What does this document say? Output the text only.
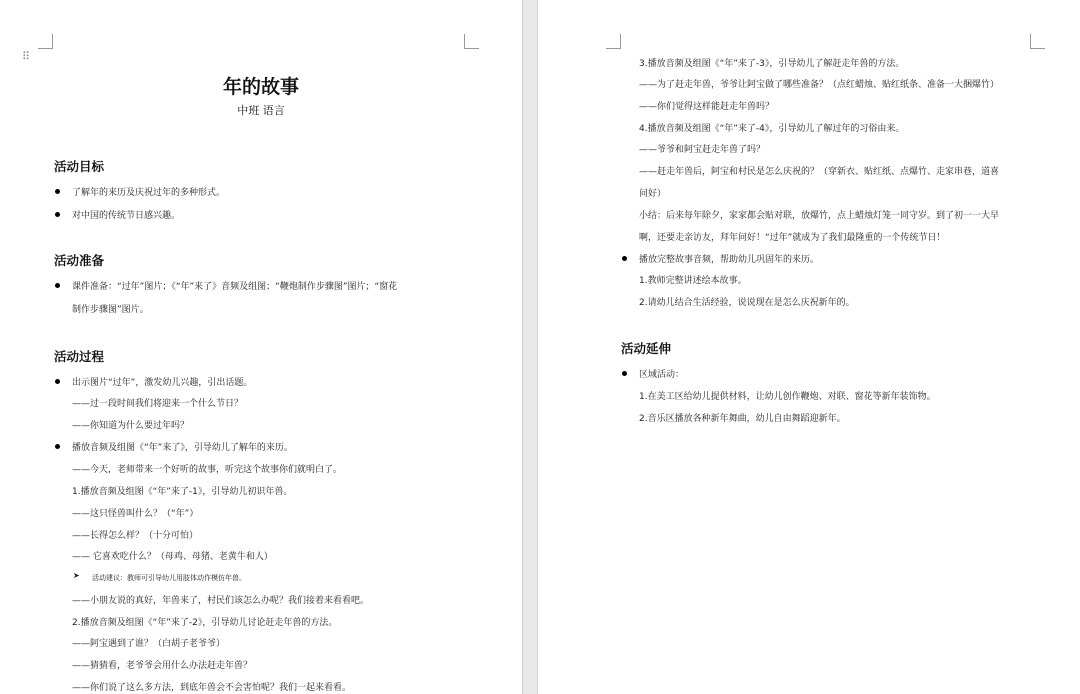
⠿
年的故事
中班 语言
活动目标
了解年的来历及庆祝过年的多种形式。
对中国的传统节日感兴趣。
活动准备
课件准备：“过年”图片；《“年”来了》音频及组图；“鞭炮制作步骤图”图片；“窗花
制作步骤图”图片。
活动过程
出示图片“过年”，激发幼儿兴趣，引出话题。
——过一段时间我们将迎来一个什么节日？
——你知道为什么要过年吗？
播放音频及组图《“年”来了》，引导幼儿了解年的来历。
——今天，老师带来一个好听的故事，听完这个故事你们就明白了。
1.播放音频及组图《“年”来了-1》，引导幼儿初识年兽。
——这只怪兽叫什么？（“年”）
——长得怎么样？（十分可怕）
—— 它喜欢吃什么？（母鸡、母猪、老黄牛和人）
➤ 活动建议：教师可引导幼儿用肢体动作模仿年兽。
——小朋友说的真好，年兽来了，村民们该怎么办呢？我们接着来看看吧。
2.播放音频及组图《“年”来了-2》，引导幼儿讨论赶走年兽的方法。
——阿宝遇到了谁？（白胡子老爷爷）
——猜猜看，老爷爷会用什么办法赶走年兽？
——你们说了这么多方法，到底年兽会不会害怕呢？我们一起来看看。
3.播放音频及组图《“年”来了-3》，引导幼儿了解赶走年兽的方法。
——为了赶走年兽，爷爷让阿宝做了哪些准备？（点红蜡烛、贴红纸条、准备一大捆爆竹）
——你们觉得这样能赶走年兽吗？
4.播放音频及组图《“年”来了-4》，引导幼儿了解过年的习俗由来。
——爷爷和阿宝赶走年兽了吗？
——赶走年兽后，阿宝和村民是怎么庆祝的？（穿新衣、贴红纸、点爆竹、走家串巷，道喜
问好）
小结：后来每年除夕，家家都会贴对联，放爆竹，点上蜡烛灯笼一同守岁。到了初一一大早
啊，还要走亲访友，拜年问好！“过年”就成为了我们最隆重的一个传统节日！
播放完整故事音频，帮助幼儿巩固年的来历。
1.教师完整讲述绘本故事。
2.请幼儿结合生活经验，说说现在是怎么庆祝新年的。
活动延伸
区域活动：
1.在美工区给幼儿提供材料，让幼儿创作鞭炮、对联、窗花等新年装饰物。
2.音乐区播放各种新年舞曲，幼儿自由舞蹈迎新年。
